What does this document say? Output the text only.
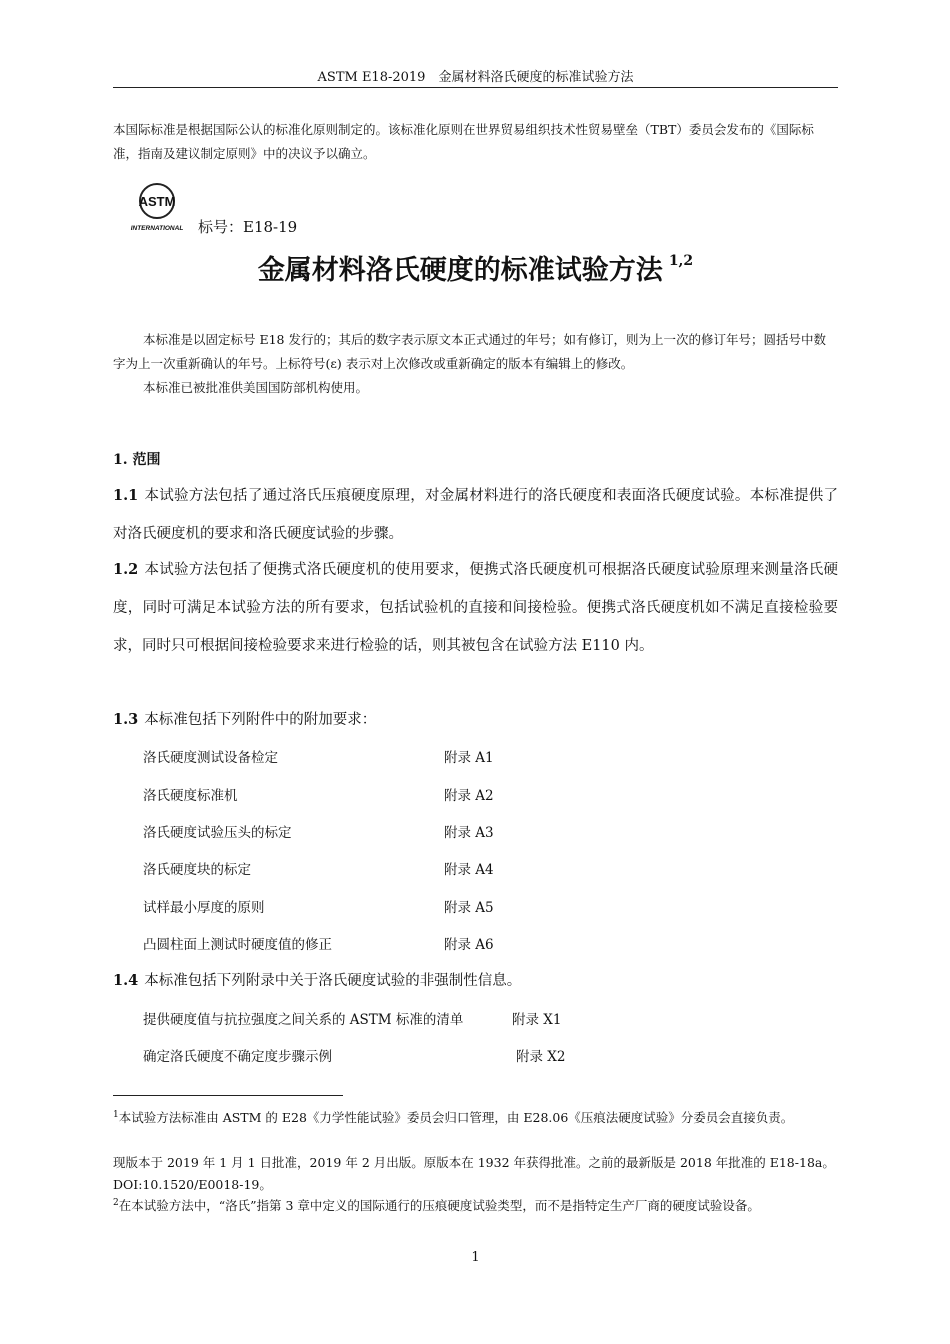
ASTM E18-2019　金属材料洛氏硬度的标准试验方法
本国际标准是根据国际公认的标准化原则制定的。该标准化原则在世界贸易组织技术性贸易壁垒（TBT）委员会发布的《国际标准，指南及建议制定原则》中的决议予以确立。
ASTM
INTERNATIONAL 标号：E18-19
金属材料洛氏硬度的标准试验方法 $^{1,2}$
本标准是以固定标号 E18 发行的；其后的数字表示原文本正式通过的年号；如有修订，则为上一次的修订年号；圆括号中数字为上一次重新确认的年号。上标符号(ε) 表示对上次修改或重新确定的版本有编辑上的修改。
本标准已被批准供美国国防部机构使用。
1. 范围
1.1 本试验方法包括了通过洛氏压痕硬度原理，对金属材料进行的洛氏硬度和表面洛氏硬度试验。本标准提供了对洛氏硬度机的要求和洛氏硬度试验的步骤。
1.2 本试验方法包括了便携式洛氏硬度机的使用要求，便携式洛氏硬度机可根据洛氏硬度试验原理来测量洛氏硬度，同时可满足本试验方法的所有要求，包括试验机的直接和间接检验。便携式洛氏硬度机如不满足直接检验要求，同时只可根据间接检验要求来进行检验的话，则其被包含在试验方法 E110 内。
1.3 本标准包括下列附件中的附加要求：
洛氏硬度测试设备检定	附录 A1
洛氏硬度标准机	附录 A2
洛氏硬度试验压头的标定	附录 A3
洛氏硬度块的标定	附录 A4
试样最小厚度的原则	附录 A5
凸圆柱面上测试时硬度值的修正	附录 A6
1.4 本标准包括下列附录中关于洛氏硬度试验的非强制性信息。
提供硬度值与抗拉强度之间关系的 ASTM 标准的清单	附录 X1
确定洛氏硬度不确定度步骤示例	附录 X2
$^1$本试验方法标准由 ASTM 的 E28《力学性能试验》委员会归口管理，由 E28.06《压痕法硬度试验》分委员会直接负责。
现版本于 2019 年 1 月 1 日批准，2019 年 2 月出版。原版本在 1932 年获得批准。之前的最新版是 2018 年批准的 E18-18a。DOI:10.1520/E0018-19。
$^2$在本试验方法中，“洛氏”指第 3 章中定义的国际通行的压痕硬度试验类型，而不是指特定生产厂商的硬度试验设备。
1
